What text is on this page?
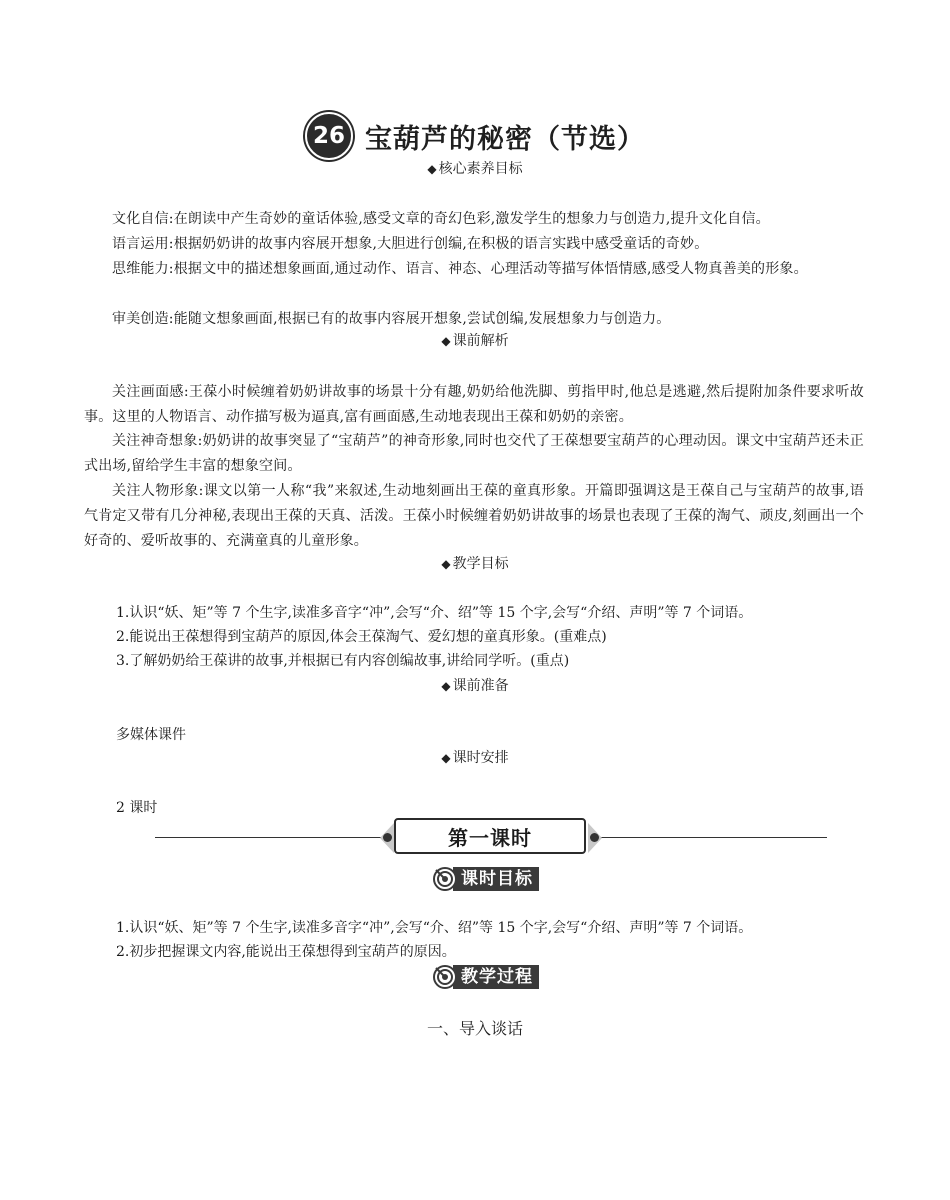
26 宝葫芦的秘密（节选）
◆ 核心素养目标

文化自信:在朗读中产生奇妙的童话体验,感受文章的奇幻色彩,激发学生的想象力与创造力,提升文化自信。

语言运用:根据奶奶讲的故事内容展开想象,大胆进行创编,在积极的语言实践中感受童话的奇妙。

思维能力:根据文中的描述想象画面,通过动作、语言、神态、心理活动等描写体悟情感,感受人物真善美的形象。

审美创造:能随文想象画面,根据已有的故事内容展开想象,尝试创编,发展想象力与创造力。

◆ 课前解析

关注画面感:王葆小时候缠着奶奶讲故事的场景十分有趣,奶奶给他洗脚、剪指甲时,他总是逃避,然后提附加条件要求听故事。这里的人物语言、动作描写极为逼真,富有画面感,生动地表现出王葆和奶奶的亲密。

关注神奇想象:奶奶讲的故事突显了“宝葫芦”的神奇形象,同时也交代了王葆想要宝葫芦的心理动因。课文中宝葫芦还未正式出场,留给学生丰富的想象空间。

关注人物形象:课文以第一人称“我”来叙述,生动地刻画出王葆的童真形象。开篇即强调这是王葆自己与宝葫芦的故事,语气肯定又带有几分神秘,表现出王葆的天真、活泼。王葆小时候缠着奶奶讲故事的场景也表现了王葆的淘气、顽皮,刻画出一个好奇的、爱听故事的、充满童真的儿童形象。

◆ 教学目标

1.认识“妖、矩”等 7 个生字,读准多音字“冲”,会写“介、绍”等 15 个字,会写“介绍、声明”等 7 个词语。

2.能说出王葆想得到宝葫芦的原因,体会王葆淘气、爱幻想的童真形象。(重难点)

3.了解奶奶给王葆讲的故事,并根据已有内容创编故事,讲给同学听。(重点)

◆ 课前准备

多媒体课件

◆ 课时安排

2 课时

第一课时
课时目标

1.认识“妖、矩”等 7 个生字,读准多音字“冲”,会写“介、绍”等 15 个字,会写“介绍、声明”等 7 个词语。

2.初步把握课文内容,能说出王葆想得到宝葫芦的原因。

教学过程
一、导入谈话
